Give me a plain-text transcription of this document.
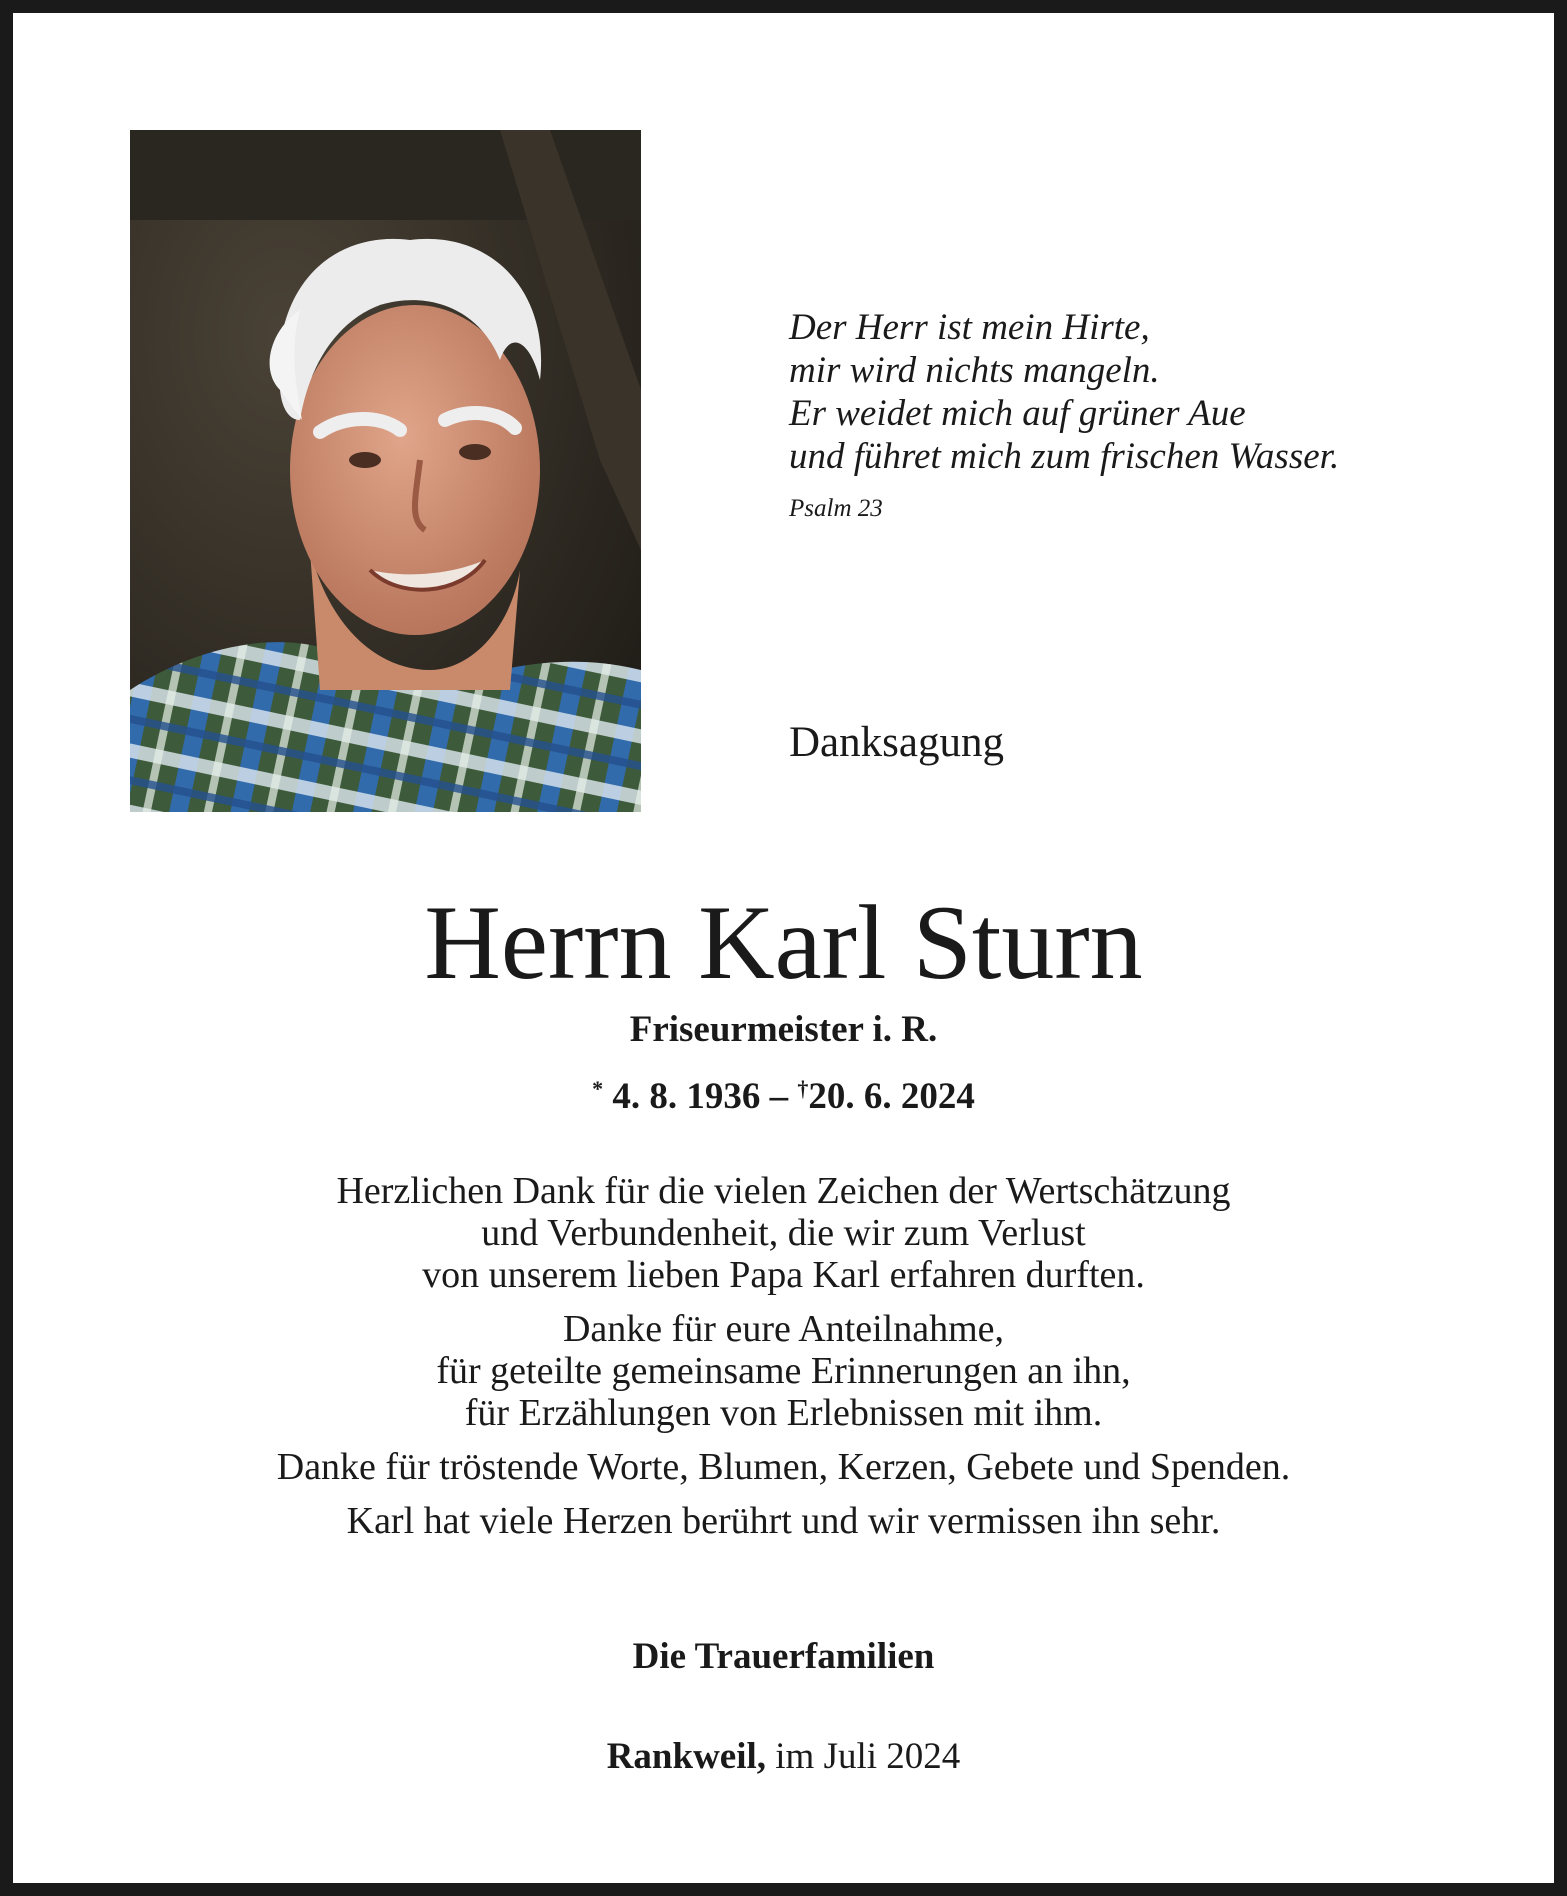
Der Herr ist mein Hirte,
mir wird nichts mangeln.
Er weidet mich auf grüner Aue
und führet mich zum frischen Wasser.
Psalm 23
Danksagung
Herrn Karl Sturn
Friseurmeister i. R.
* 4. 8. 1936 – †20. 6. 2024

Herzlichen Dank für die vielen Zeichen der Wertschätzung
und Verbundenheit, die wir zum Verlust
von unserem lieben Papa Karl erfahren durften.

Danke für eure Anteilnahme,
für geteilte gemeinsame Erinnerungen an ihn,
für Erzählungen von Erlebnissen mit ihm.

Danke für tröstende Worte, Blumen, Kerzen, Gebete und Spenden.

Karl hat viele Herzen berührt und wir vermissen ihn sehr.

Die Trauerfamilien
Rankweil, im Juli 2024
